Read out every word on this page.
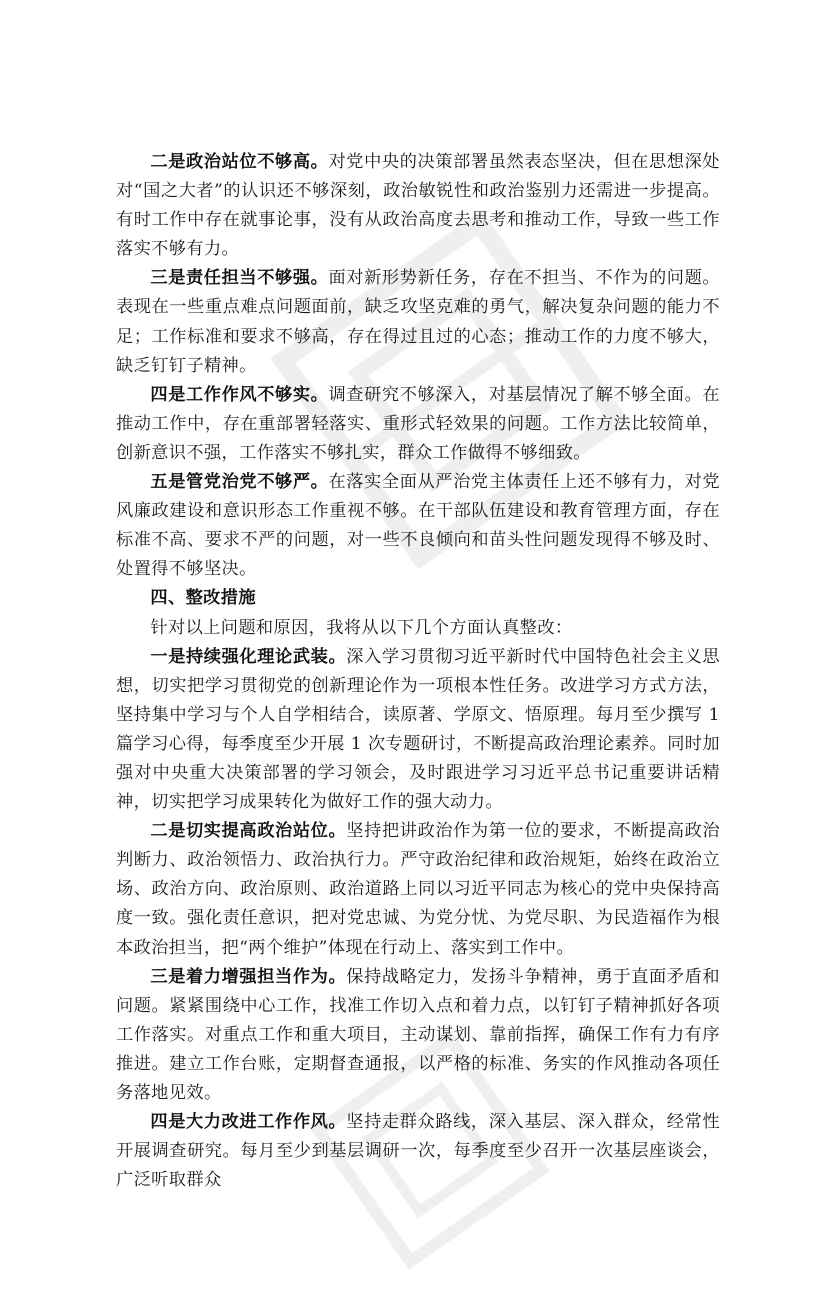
二是政治站位不够高。对党中央的决策部署虽然表态坚决，但在思想深处对“国之大者”的认识还不够深刻，政治敏锐性和政治鉴别力还需进一步提高。有时工作中存在就事论事，没有从政治高度去思考和推动工作，导致一些工作落实不够有力。

三是责任担当不够强。面对新形势新任务，存在不担当、不作为的问题。表现在一些重点难点问题面前，缺乏攻坚克难的勇气，解决复杂问题的能力不足；工作标准和要求不够高，存在得过且过的心态；推动工作的力度不够大，缺乏钉钉子精神。

四是工作作风不够实。调查研究不够深入，对基层情况了解不够全面。在推动工作中，存在重部署轻落实、重形式轻效果的问题。工作方法比较简单，创新意识不强，工作落实不够扎实，群众工作做得不够细致。

五是管党治党不够严。在落实全面从严治党主体责任上还不够有力，对党风廉政建设和意识形态工作重视不够。在干部队伍建设和教育管理方面，存在标准不高、要求不严的问题，对一些不良倾向和苗头性问题发现得不够及时、处置得不够坚决。

四、整改措施

针对以上问题和原因，我将从以下几个方面认真整改：

一是持续强化理论武装。深入学习贯彻习近平新时代中国特色社会主义思想，切实把学习贯彻党的创新理论作为一项根本性任务。改进学习方式方法，坚持集中学习与个人自学相结合，读原著、学原文、悟原理。每月至少撰写 1 篇学习心得，每季度至少开展 1 次专题研讨，不断提高政治理论素养。同时加强对中央重大决策部署的学习领会，及时跟进学习习近平总书记重要讲话精神，切实把学习成果转化为做好工作的强大动力。

二是切实提高政治站位。坚持把讲政治作为第一位的要求，不断提高政治判断力、政治领悟力、政治执行力。严守政治纪律和政治规矩，始终在政治立场、政治方向、政治原则、政治道路上同以习近平同志为核心的党中央保持高度一致。强化责任意识，把对党忠诚、为党分忧、为党尽职、为民造福作为根本政治担当，把“两个维护”体现在行动上、落实到工作中。

三是着力增强担当作为。保持战略定力，发扬斗争精神，勇于直面矛盾和问题。紧紧围绕中心工作，找准工作切入点和着力点，以钉钉子精神抓好各项工作落实。对重点工作和重大项目，主动谋划、靠前指挥，确保工作有力有序推进。建立工作台账，定期督查通报，以严格的标准、务实的作风推动各项任务落地见效。

四是大力改进工作作风。坚持走群众路线，深入基层、深入群众，经常性开展调查研究。每月至少到基层调研一次，每季度至少召开一次基层座谈会，广泛听取群众
